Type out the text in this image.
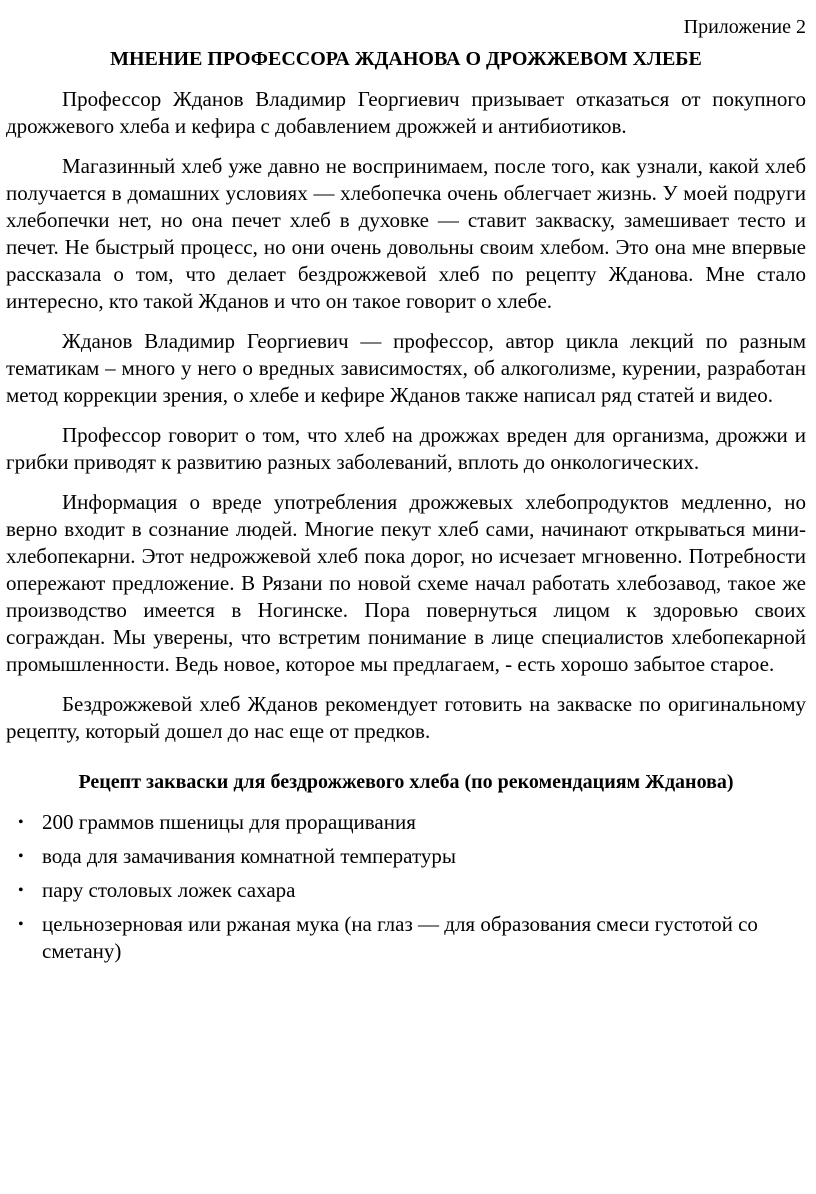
Приложение 2

МНЕНИЕ ПРОФЕССОРА ЖДАНОВА О ДРОЖЖЕВОМ ХЛЕБЕ

Профессор Жданов Владимир Георгиевич призывает отказаться от покупного дрожжевого хлеба и кефира с добавлением дрожжей и антибиотиков.

Магазинный хлеб уже давно не воспринимаем, после того, как узнали, какой хлеб получается в домашних условиях — хлебопечка очень облегчает жизнь. У моей подруги хлебопечки нет, но она печет хлеб в духовке — ставит закваску, замешивает тесто и печет. Не быстрый процесс, но они очень довольны своим хлебом. Это она мне впервые рассказала о том, что делает бездрожжевой хлеб по рецепту Жданова. Мне стало интересно, кто такой Жданов и что он такое говорит о хлебе.

Жданов Владимир Георгиевич — профессор, автор цикла лекций по разным тематикам – много у него о вредных зависимостях, об алкоголизме, курении, разработан метод коррекции зрения, о хлебе и кефире Жданов также написал ряд статей и видео.

Профессор говорит о том, что хлеб на дрожжах вреден для организма, дрожжи и грибки приводят к развитию разных заболеваний, вплоть до онкологических.

Информация о вреде употребления дрожжевых хлебопродуктов медленно, но верно входит в сознание людей. Многие пекут хлеб сами, начинают открываться мини-хлебопекарни. Этот недрожжевой хлеб пока дорог, но исчезает мгновенно. Потребности опережают предложение. В Рязани по новой схеме начал работать хлебозавод, такое же производство имеется в Ногинске. Пора повернуться лицом к здоровью своих сограждан. Мы уверены, что встретим понимание в лице специалистов хлебопекарной промышленности. Ведь новое, которое мы предлагаем, - есть хорошо забытое старое.

Бездрожжевой хлеб Жданов рекомендует готовить на закваске по оригинальному рецепту, который дошел до нас еще от предков.

Рецепт закваски для бездрожжевого хлеба (по рекомендациям Жданова)
• 200 граммов пшеницы для проращивания
• вода для замачивания комнатной температуры
• пару столовых ложек сахара
• цельнозерновая или ржаная мука (на глаз — для образования смеси густотой со сметану)
